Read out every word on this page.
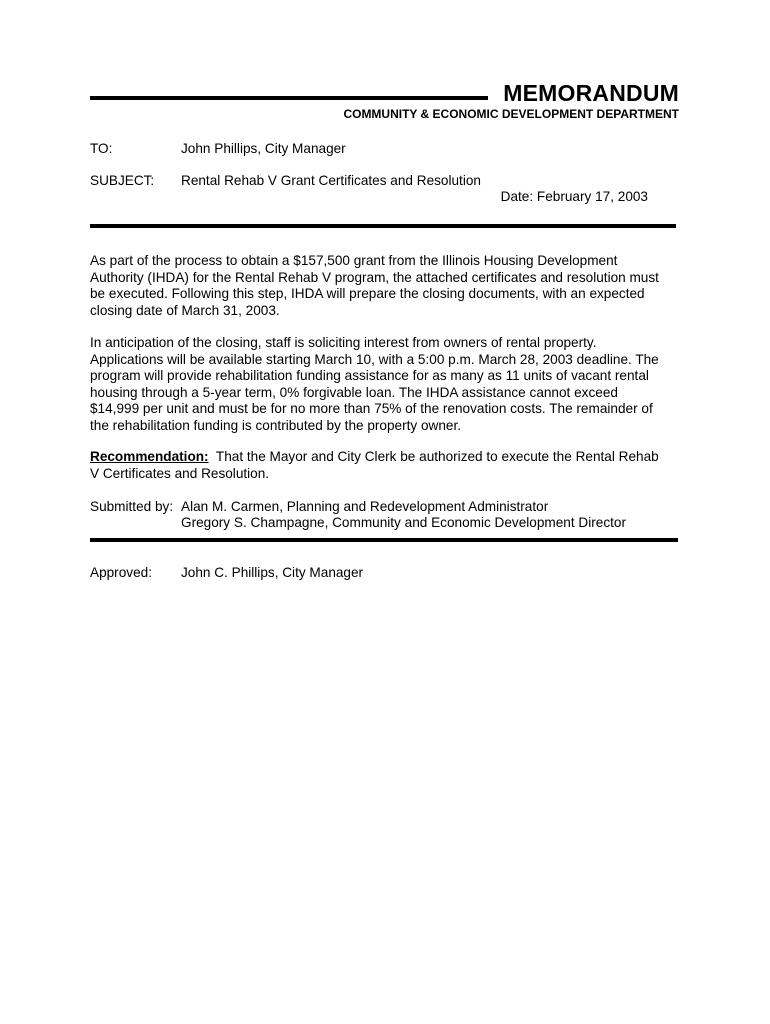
MEMORANDUM
COMMUNITY & ECONOMIC DEVELOPMENT DEPARTMENT
TO:	John Phillips, City Manager
SUBJECT: Rental Rehab V Grant Certificates and Resolution
Date: February 17, 2003
As part of the process to obtain a $157,500 grant from the Illinois Housing Development
Authority (IHDA) for the Rental Rehab V program, the attached certificates and resolution must
be executed. Following this step, IHDA will prepare the closing documents, with an expected
closing date of March 31, 2003.
In anticipation of the closing, staff is soliciting interest from owners of rental property.
Applications will be available starting March 10, with a 5:00 p.m. March 28, 2003 deadline. The
program will provide rehabilitation funding assistance for as many as 11 units of vacant rental
housing through a 5-year term, 0% forgivable loan. The IHDA assistance cannot exceed
$14,999 per unit and must be for no more than 75% of the renovation costs. The remainder of
the rehabilitation funding is contributed by the property owner.
Recommendation:  That the Mayor and City Clerk be authorized to execute the Rental Rehab
V Certificates and Resolution.
Submitted by: Alan M. Carmen, Planning and Redevelopment Administrator
Gregory S. Champagne, Community and Economic Development Director
Approved: John C. Phillips, City Manager
